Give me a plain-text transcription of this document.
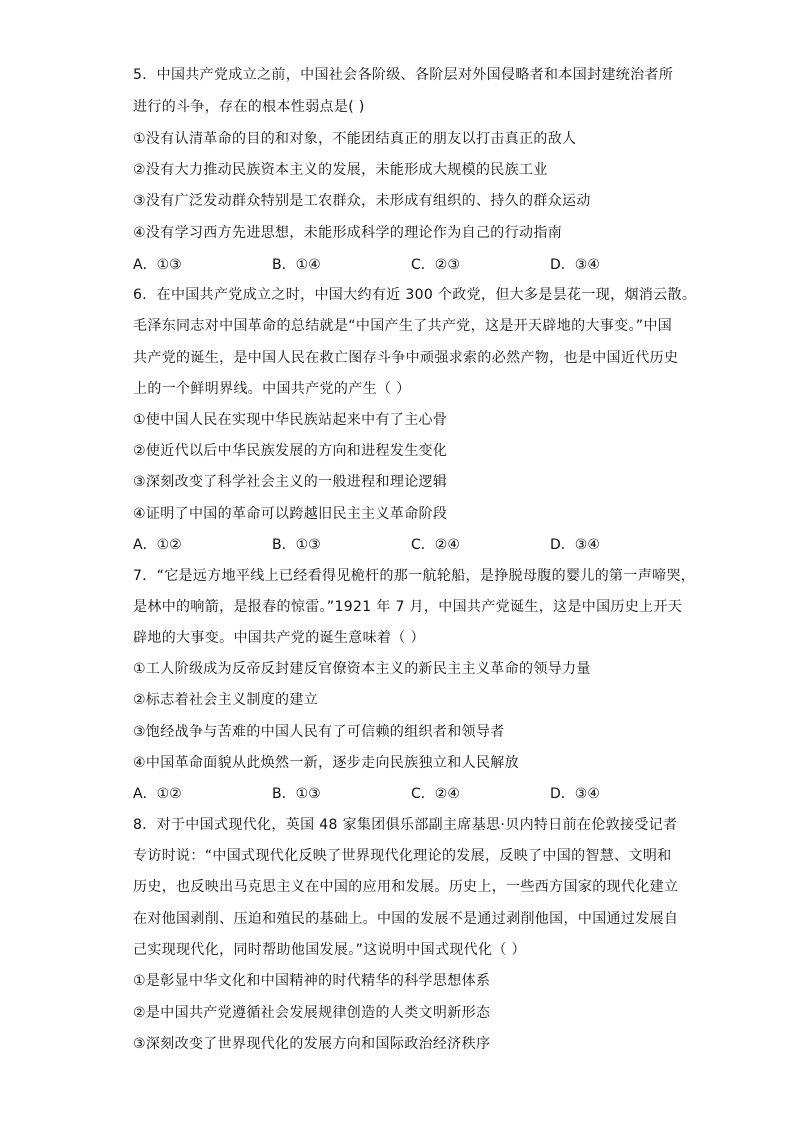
5．中国共产党成立之前，中国社会各阶级、各阶层对外国侵略者和本国封建统治者所
进行的斗争，存在的根本性弱点是( )
①没有认清革命的目的和对象，不能团结真正的朋友以打击真正的敌人
②没有大力推动民族资本主义的发展，未能形成大规模的民族工业
③没有广泛发动群众特别是工农群众，未形成有组织的、持久的群众运动
④没有学习西方先进思想，未能形成科学的理论作为自己的行动指南
A．①③	B．①④	C．②③	D．③④
6．在中国共产党成立之时，中国大约有近 300 个政党，但大多是昙花一现，烟消云散。
毛泽东同志对中国革命的总结就是“中国产生了共产党，这是开天辟地的大事变。”中国
共产党的诞生，是中国人民在救亡图存斗争中顽强求索的必然产物，也是中国近代历史
上的一个鲜明界线。中国共产党的产生（ ）
①使中国人民在实现中华民族站起来中有了主心骨
②使近代以后中华民族发展的方向和进程发生变化
③深刻改变了科学社会主义的一般进程和理论逻辑
④证明了中国的革命可以跨越旧民主主义革命阶段
A．①②	B．①③	C．②④	D．③④
7．“它是远方地平线上已经看得见桅杆的那一航轮船，是挣脱母腹的婴儿的第一声啼哭，
是林中的响箭，是报春的惊雷。”1921 年 7 月，中国共产党诞生，这是中国历史上开天
辟地的大事变。中国共产党的诞生意味着（ ）
①工人阶级成为反帝反封建反官僚资本主义的新民主主义革命的领导力量
②标志着社会主义制度的建立
③饱经战争与苦难的中国人民有了可信赖的组织者和领导者
④中国革命面貌从此焕然一新，逐步走向民族独立和人民解放
A．①②	B．①③	C．②④	D．③④
8．对于中国式现代化，英国 48 家集团俱乐部副主席基思·贝内特日前在伦敦接受记者
专访时说：“中国式现代化反映了世界现代化理论的发展，反映了中国的智慧、文明和
历史，也反映出马克思主义在中国的应用和发展。历史上，一些西方国家的现代化建立
在对他国剥削、压迫和殖民的基础上。中国的发展不是通过剥削他国，中国通过发展自
己实现现代化，同时帮助他国发展。”这说明中国式现代化（ ）
①是彰显中华文化和中国精神的时代精华的科学思想体系
②是中国共产党遵循社会发展规律创造的人类文明新形态
③深刻改变了世界现代化的发展方向和国际政治经济秩序
